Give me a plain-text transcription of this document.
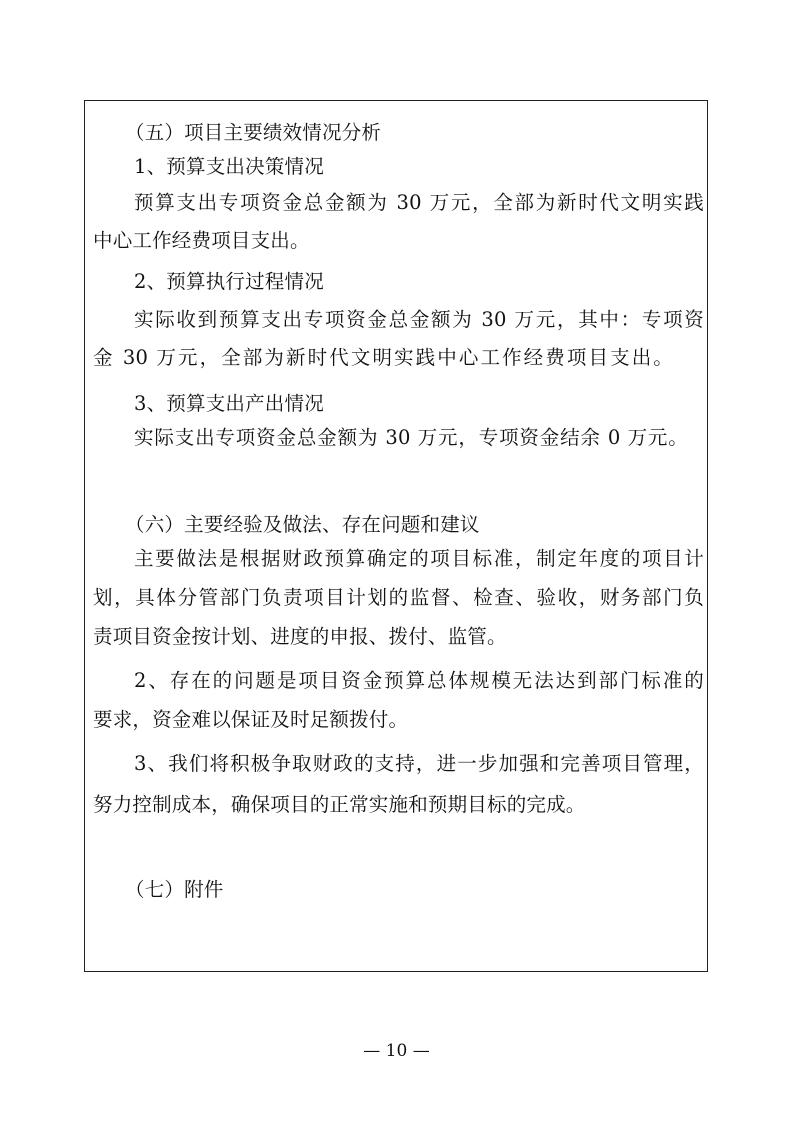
（五）项目主要绩效情况分析
1、预算支出决策情况
预算支出专项资金总金额为 30 万元，全部为新时代文明实践
中心工作经费项目支出。
2、预算执行过程情况
实际收到预算支出专项资金总金额为 30 万元，其中：专项资
金 30 万元，全部为新时代文明实践中心工作经费项目支出。
3、预算支出产出情况
实际支出专项资金总金额为 30 万元，专项资金结余 0 万元。
（六）主要经验及做法、存在问题和建议
主要做法是根据财政预算确定的项目标准，制定年度的项目计
划，具体分管部门负责项目计划的监督、检查、验收，财务部门负
责项目资金按计划、进度的申报、拨付、监管。
2、存在的问题是项目资金预算总体规模无法达到部门标准的
要求，资金难以保证及时足额拨付。
3、我们将积极争取财政的支持，进一步加强和完善项目管理，
努力控制成本，确保项目的正常实施和预期目标的完成。
（七）附件
— 10 —
